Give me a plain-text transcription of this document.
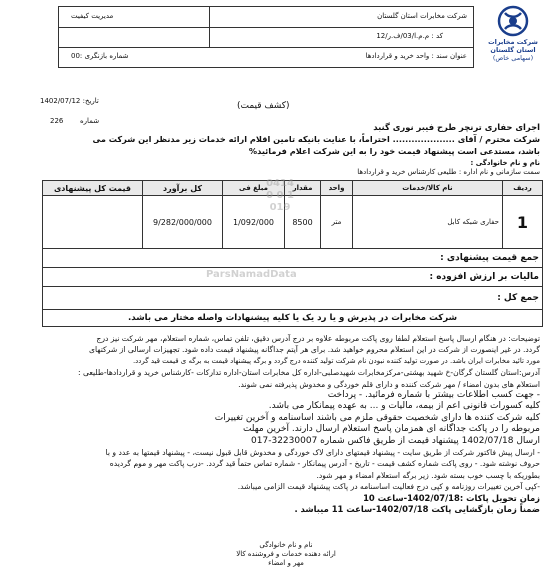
شرکت مخابرات استان گلستان
مدیریت کیفیت
کد : م.م.ا/03/ف.ر/12
عنوان سند : واحد خرید و قراردادها
شماره بازنگری :00
شرکت مخابرات استان گلستان
(سهامی خاص)
تاریخ: 1402/07/12
شماره
226
(کشف قیمت)
اجرای حفاری ترنچر طرح فیبر نوری گنبد
شرکت محترم / آقای .................... احتراماً، با عنایت بانیکه تامین اقلام ارائه خدمات زیر مدنظر این شرکت می
باشد، مستدعی است پیشنهاد قیمت خود را به این شرکت اعلام فرمائید%
نام و نام خانوادگی :
سمت سازمانی و نام اداره : طلیعی کارشناس خرید و قراردادها
ردیف	نام کالا/خدمات	واحد	مقدار	مبلغ فی	کل برآورد	قیمت کل پیشنهادی
1	حفاری شبکه کابل	متر	8500	1/092/000	9/282/000/000	
جمع قیمت پیشنهادی :						
مالیات بر ارزش افزوده :						
جمع کل :						
شرکت مخابرات در پذیرش و یا رد یک یا کلیه پیشنهادات واصله مختار می باشد.						
0414 0 0 1 019
ParsNamadData
توضیحات: در هنگام ارسال پاسخ استعلام لطفا روی پاکت مربوطه علاوه بر درج آدرس دقیق، تلفن تماس، شماره استعلام، مهر شرکت نیز درج
گردد. در غیر اینصورت از شرکت در این استعلام محروم خواهید شد. برای هر آیتم جداگانه پیشنهاد قیمت داده شود. تجهیزات ارسالی از شرکتهای
مورد تائید مخابرات ایران باشد. در صورت تولید کننده نبودن نام شرکت تولید کننده درج گردد و برگه پیشنهاد قیمت به برگه ی قیمت قید گردد.
آدرس:استان گلستان گرگان-خ شهید بهشتی-مرکزمخابرات شهیدصلبی-اداره کل مخابرات استان-اداره تدارکات -کارشناس خرید و قراردادها-طلیعی :
استعلام های بدون امضاء / مهر شرکت کننده و دارای قلم خوردگی و مخدوش پذیرفته نمی شوند.
- جهت کسب اطلاعات بیشتر با شماره فرمائید. - پرداخت
کلیه کسورات قانونی اعم از بیمه، مالیات و ... به عهده پیمانکار می باشد.
کلیه شرکت کننده ها دارای شخصیت حقوقی ملزم می باشند اساسنامه و آخرین تغییرات
مربوطه را در پاکت جداگانه ای همزمان پاسخ استعلام ارسال دارند. آخرین مهلت
ارسال 1402/07/18 پیشنهاد قیمت از طریق فاکس شماره 32230007-017
- ارسال پیش فاکتور شرکت از طریق سایت - پیشنهاد قیمتهای دارای لاک خوردگی و مخدوش قابل قبول نیست، - پیشنهاد قیمتها به عدد و با
حروف نوشته شود. - روی پاکت شماره کشف قیمت - تاریخ - آدرس پیمانکار - شماره تماس حتماً قید گردد. -درب پاکت مهر و موم گردیده
بطوریکه با چسب خوب بسته شود. زیر برگه استعلام امضاء و مهر شود.
-کپی آخرین تغییرات روزنامه و کپی درج فعالیت اساسنامه در پاکت پیشنهاد قیمت الزامی میباشد.
زمان تحویل پاکات :1402/07/18-ساعت 10
ضمناً زمان بازگشایی پاکت 1402/07/18-ساعت 11 میباشد .
نام و نام خانوادگی
ارائه دهنده خدمات و فروشنده کالا
مهر و امضاء
